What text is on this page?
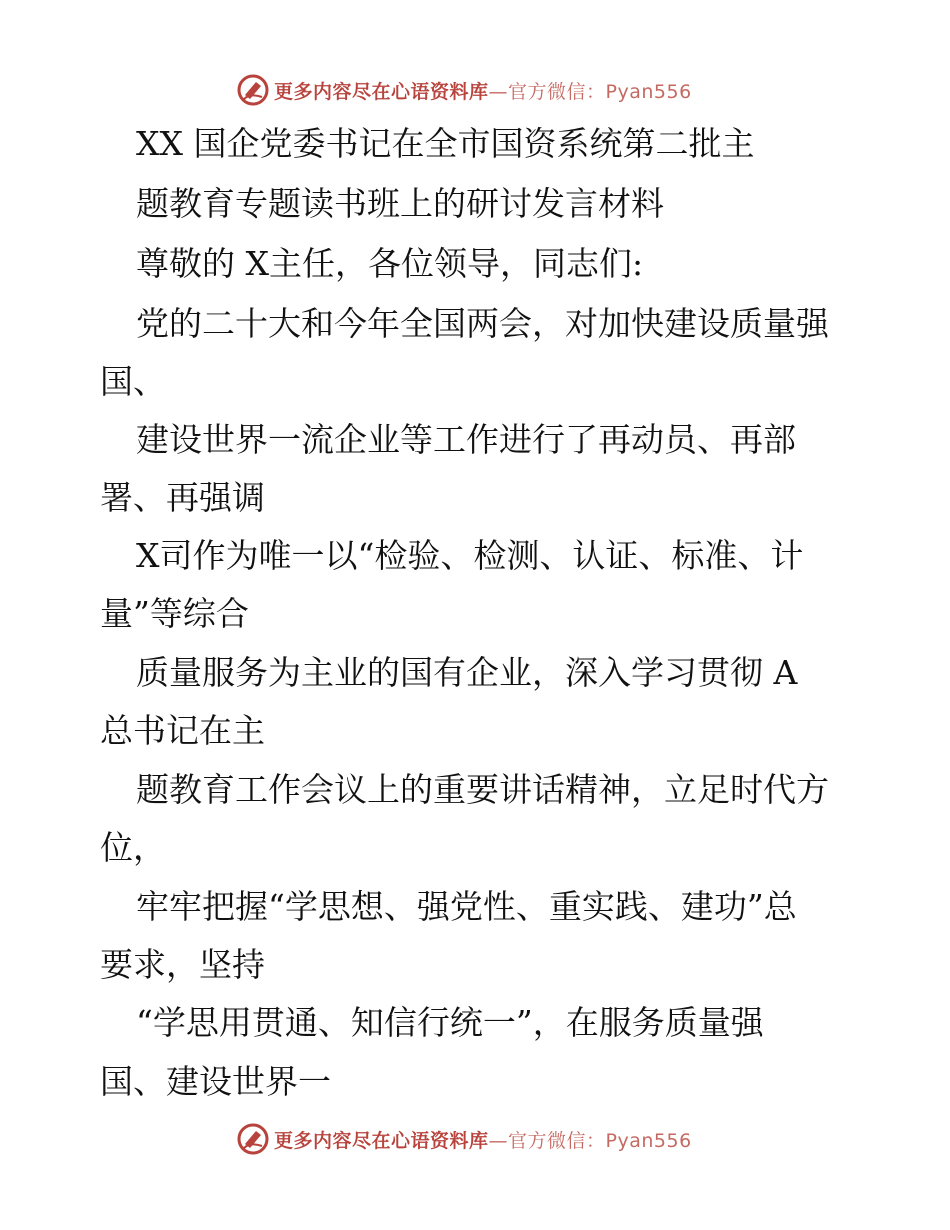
更多内容尽在心语资料库—官方微信：Pyan556
XX 国企党委书记在全市国资系统第二批主
题教育专题读书班上的研讨发言材料
尊敬的 X主任，各位领导，同志们:
党的二十大和今年全国两会，对加快建设质量强
国、
建设世界一流企业等工作进行了再动员、再部
署、再强调
X司作为唯一以“检验、检测、认证、标准、计
量”等综合
质量服务为主业的国有企业，深入学习贯彻 A
总书记在主
题教育工作会议上的重要讲话精神，立足时代方
位，
牢牢把握“学思想、强党性、重实践、建功”总
要求，坚持
“学思用贯通、知信行统一”，在服务质量强
国、建设世界一
更多内容尽在心语资料库—官方微信：Pyan556
